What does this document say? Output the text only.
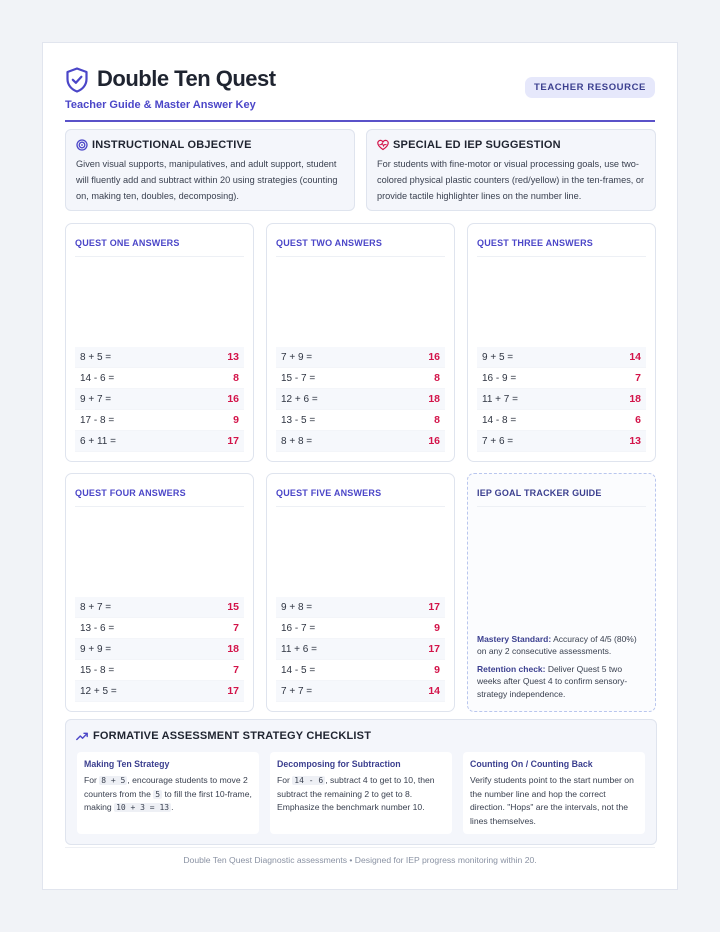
Double Ten Quest
Teacher Guide & Master Answer Key
TEACHER RESOURCE
INSTRUCTIONAL OBJECTIVE
Given visual supports, manipulatives, and adult support, student will fluently add and subtract within 20 using strategies (counting on, making ten, doubles, decomposing).
SPECIAL ED IEP SUGGESTION
For students with fine-motor or visual processing goals, use two-colored physical plastic counters (red/yellow) in the ten-frames, or provide tactile highlighter lines on the number line.
QUEST ONE ANSWERS
8 + 5 =	13
14 - 6 =	8
9 + 7 =	16
17 - 8 =	9
6 + 11 =	17
QUEST TWO ANSWERS
7 + 9 =	16
15 - 7 =	8
12 + 6 =	18
13 - 5 =	8
8 + 8 =	16
QUEST THREE ANSWERS
9 + 5 =	14
16 - 9 =	7
11 + 7 =	18
14 - 8 =	6
7 + 6 =	13
QUEST FOUR ANSWERS
8 + 7 =	15
13 - 6 =	7
9 + 9 =	18
15 - 8 =	7
12 + 5 =	17
QUEST FIVE ANSWERS
9 + 8 =	17
16 - 7 =	9
11 + 6 =	17
14 - 5 =	9
7 + 7 =	14
IEP GOAL TRACKER GUIDE

Mastery Standard: Accuracy of 4/5 (80%) on any 2 consecutive assessments.

Retention check: Deliver Quest 5 two weeks after Quest 4 to confirm sensory-strategy independence.

FORMATIVE ASSESSMENT STRATEGY CHECKLIST
Making Ten Strategy
For 8 + 5 , encourage students to move 2 counters from the 5 to fill the first 10-frame, making 10 + 3 = 13 .
Decomposing for Subtraction
For 14 - 6 , subtract 4 to get to 10, then subtract the remaining 2 to get to 8. Emphasize the benchmark number 10.
Counting On / Counting Back
Verify students point to the start number on the number line and hop the correct direction. "Hops" are the intervals, not the lines themselves.
Double Ten Quest Diagnostic assessments • Designed for IEP progress monitoring within 20.
